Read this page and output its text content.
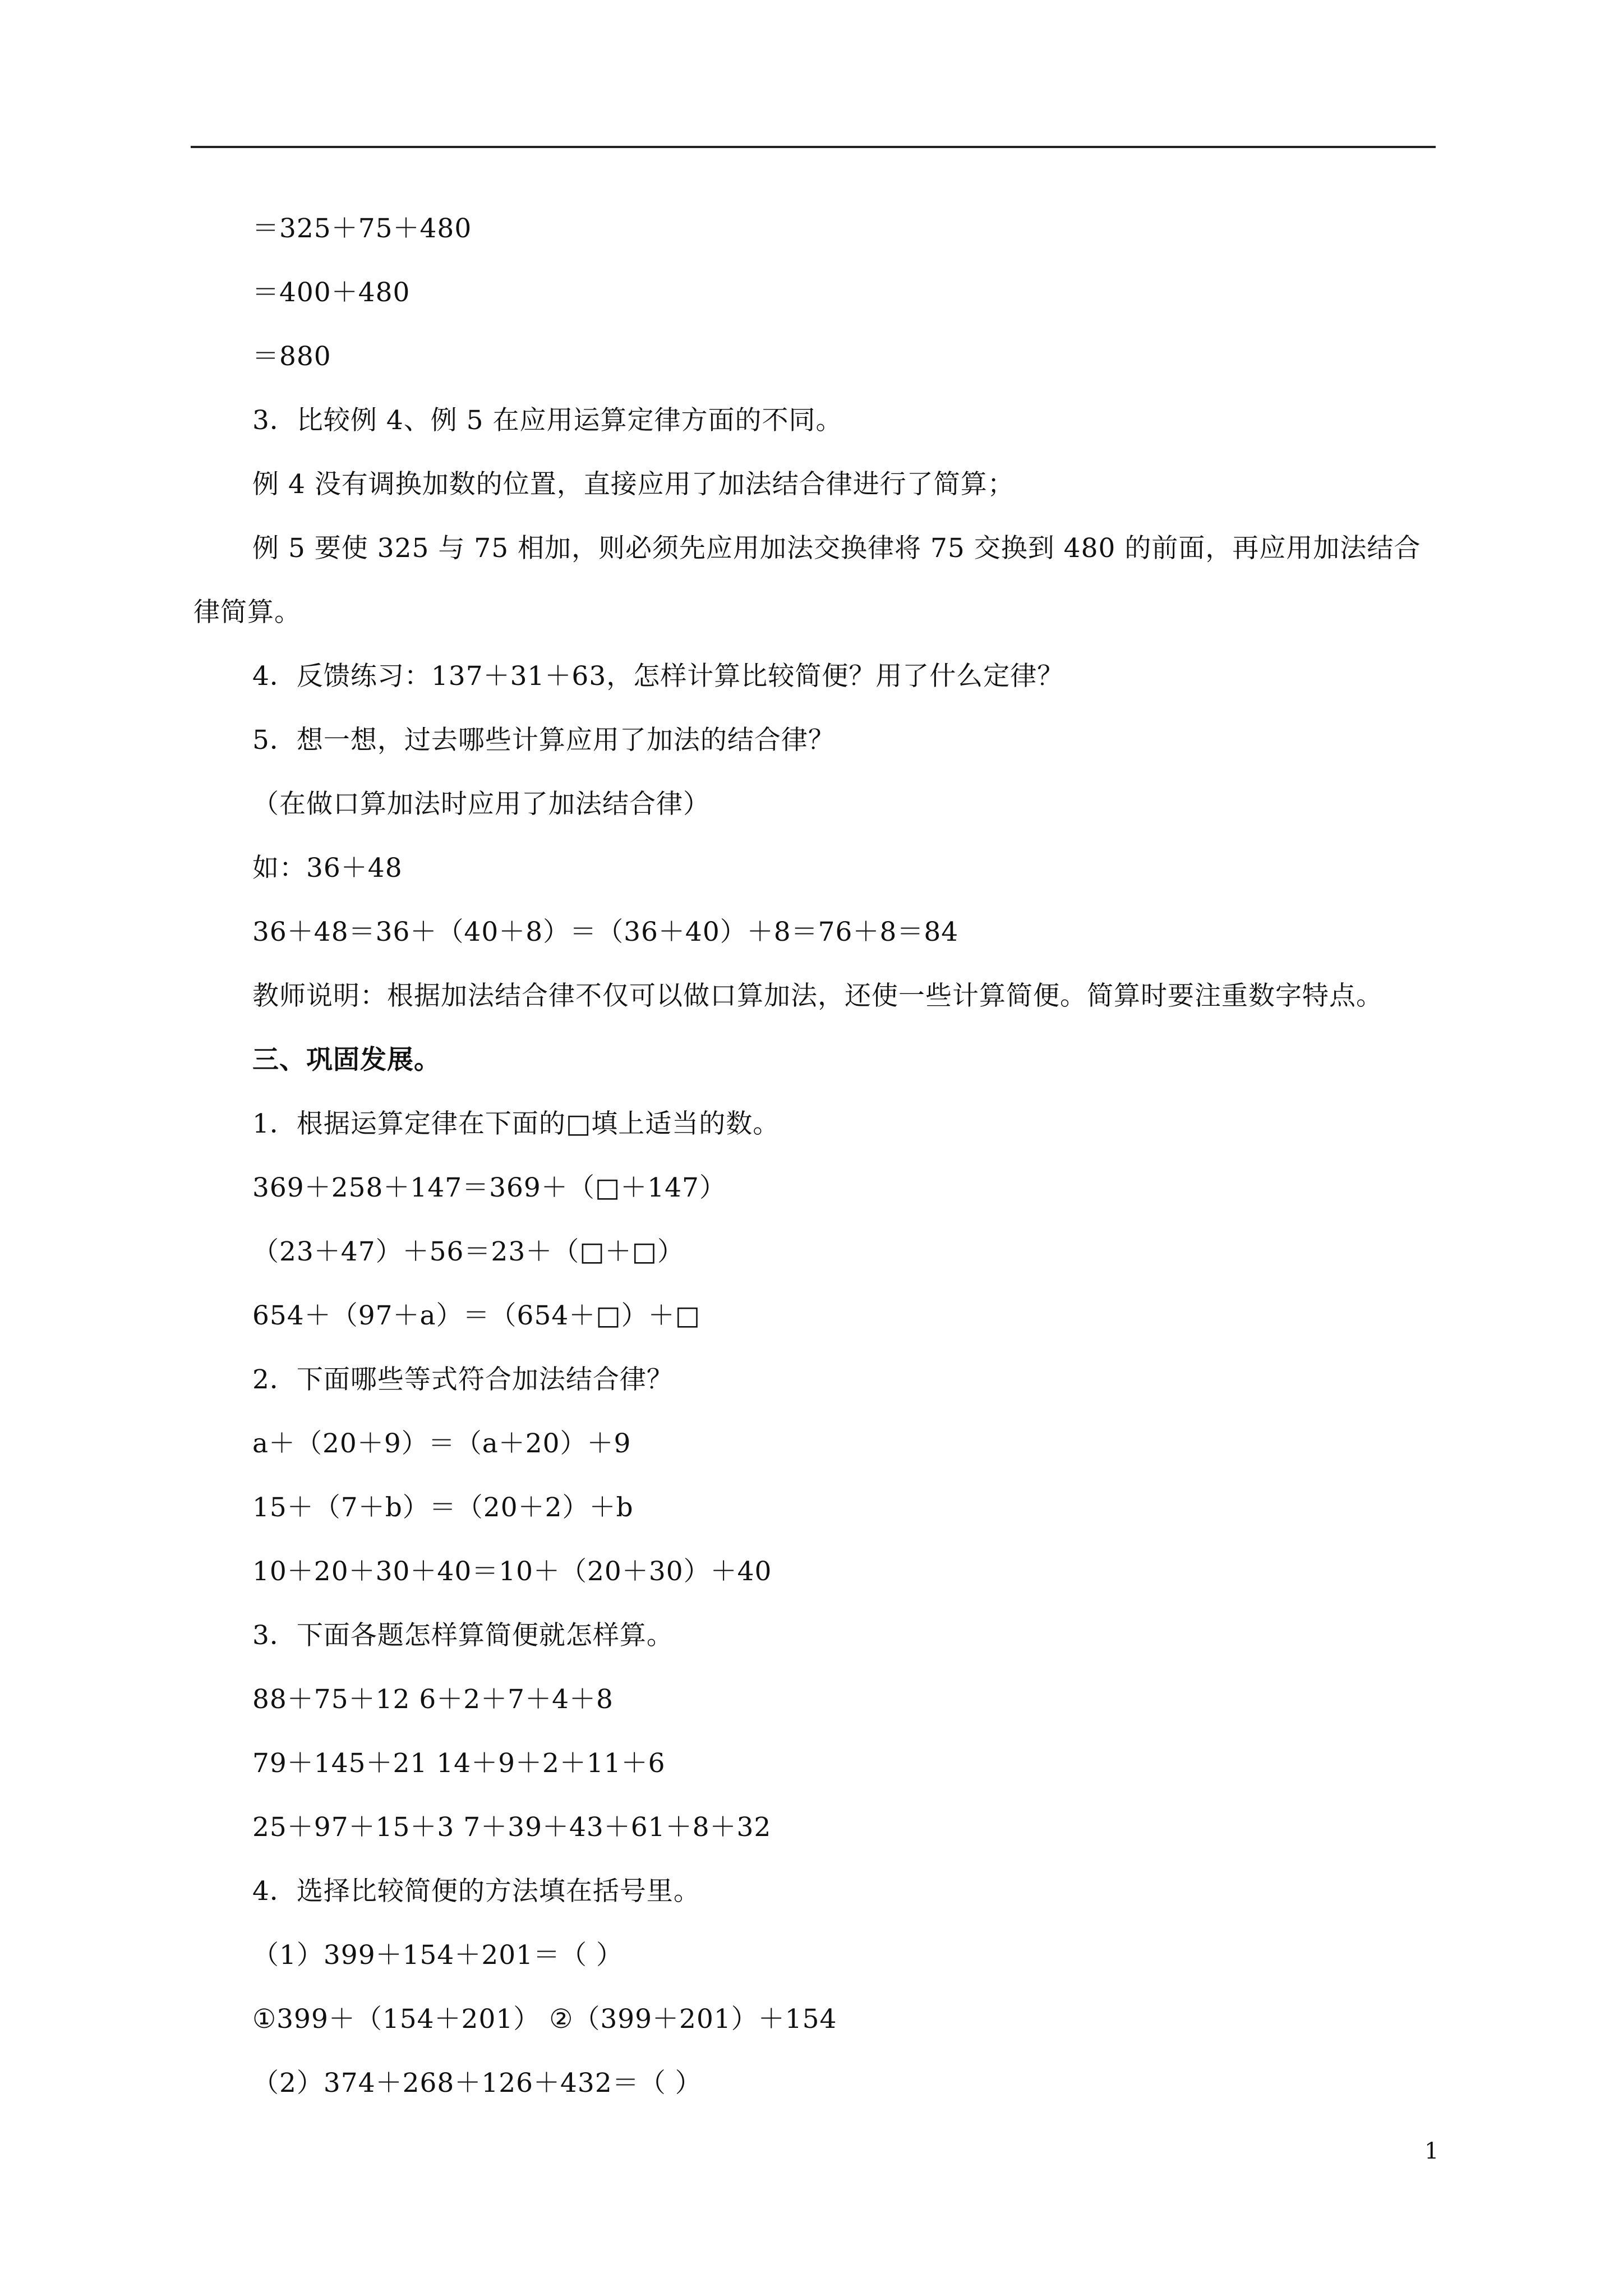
＝325＋75＋480
＝400＋480
＝880
3．比较例 4、例 5 在应用运算定律方面的不同。
例 4 没有调换加数的位置，直接应用了加法结合律进行了简算；
例 5 要使 325 与 75 相加，则必须先应用加法交换律将 75 交换到 480 的前面，再应用加法结合
律简算。
4．反馈练习：137＋31＋63，怎样计算比较简便？用了什么定律？
5．想一想，过去哪些计算应用了加法的结合律？
（在做口算加法时应用了加法结合律）
如：36＋48
36＋48＝36＋（40＋8）＝（36＋40）＋8＝76＋8＝84
教师说明：根据加法结合律不仅可以做口算加法，还使一些计算简便。简算时要注重数字特点。
三、巩固发展。
1．根据运算定律在下面的□填上适当的数。
369＋258＋147＝369＋（□＋147）
（23＋47）＋56＝23＋（□＋□）
654＋（97＋a）＝（654＋□）＋□
2．下面哪些等式符合加法结合律？
a＋（20＋9）＝（a＋20）＋9
15＋（7＋b）＝（20＋2）＋b
10＋20＋30＋40＝10＋（20＋30）＋40
3．下面各题怎样算简便就怎样算。
88＋75＋12 6＋2＋7＋4＋8
79＋145＋21 14＋9＋2＋11＋6
25＋97＋15＋3 7＋39＋43＋61＋8＋32
4．选择比较简便的方法填在括号里。
（1）399＋154＋201＝（ ）
①399＋（154＋201） ②（399＋201）＋154
（2）374＋268＋126＋432＝（ ）
1
